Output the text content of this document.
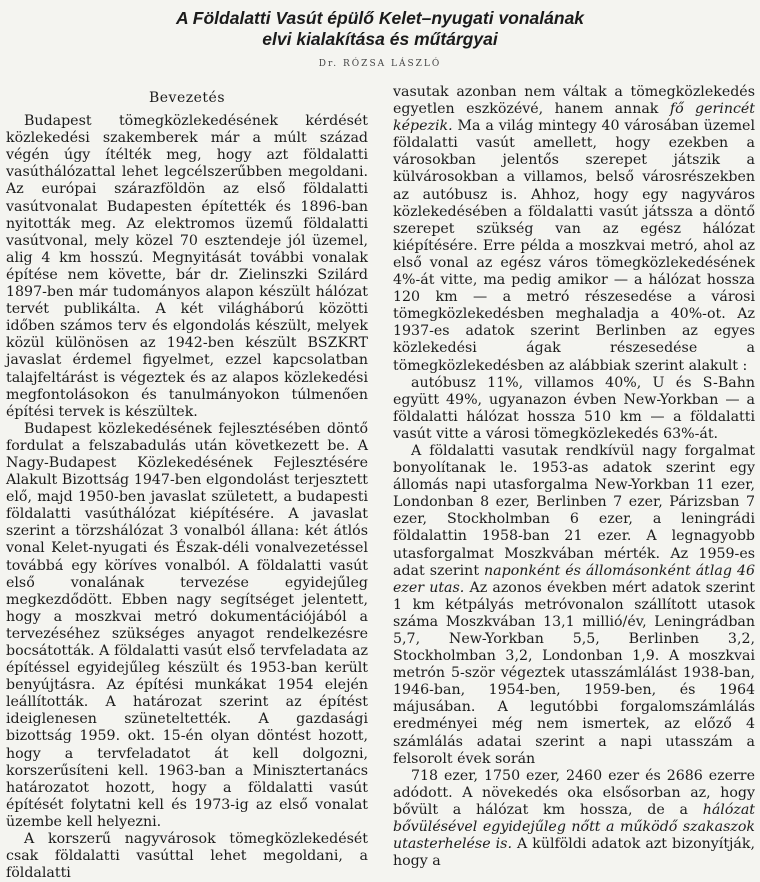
A Földalatti Vasút épülő Kelet–nyugati vonalának
elvi kialakítása és műtárgyai
Dr. RÓZSA LÁSZLÓ
Bevezetés

Budapest tömegközlekedésének kérdését közlekedési szakemberek már a múlt század végén úgy ítélték meg, hogy azt földalatti vasúthálózattal lehet legcélszerűbben megoldani. Az európai szárazföldön az első földalatti vasútvonalat Budapesten építették és 1896-ban nyitották meg. Az elektromos üzemű földalatti vasútvonal, mely közel 70 esztendeje jól üzemel, alig 4 km hosszú. Megnyitását további vonalak építése nem követte, bár dr. Zielinszki Szilárd 1897-ben már tudományos alapon készült hálózat tervét publikálta. A két világháború közötti időben számos terv és elgondolás készült, melyek közül különösen az 1942-ben készült BSZKRT javaslat érdemel figyelmet, ezzel kapcsolatban talajfeltárást is végeztek és az alapos közlekedési megfontolásokon és tanulmányokon túlmenően építési tervek is készültek.

Budapest közlekedésének fejlesztésében döntő fordulat a felszabadulás után következett be. A Nagy-Budapest Közlekedésének Fejlesztésére Alakult Bizottság 1947-ben elgondolást terjesztett elő, majd 1950-ben javaslat született, a budapesti földalatti vasúthálózat kiépítésére. A javaslat szerint a törzshálózat 3 vonalból állana: két átlós vonal Kelet-nyugati és Észak-déli vonalvezetéssel továbbá egy köríves vonalból. A földalatti vasút első vonalának tervezése egyidejűleg megkezdődött. Ebben nagy segítséget jelentett, hogy a moszkvai metró dokumentációjából a tervezéséhez szükséges anyagot rendelkezésre bocsátották. A földalatti vasút első tervfeladata az építéssel egyidejűleg készült és 1953-ban került benyújtásra. Az építési munkákat 1954 elején leállították. A határozat szerint az építést ideiglenesen szüneteltették. A gazdasági bizottság 1959. okt. 15-én olyan döntést hozott, hogy a tervfeladatot át kell dolgozni, korszerűsíteni kell. 1963-ban a Minisztertanács határozatot hozott, hogy a földalatti vasút építését folytatni kell és 1973-ig az első vonalat üzembe kell helyezni.

A korszerű nagyvárosok tömegközlekedését csak földalatti vasúttal lehet megoldani, a földalatti

vasutak azonban nem váltak a tömegközlekedés egyetlen eszközévé, hanem annak fő gerincét képezik. Ma a világ mintegy 40 városában üzemel földalatti vasút amellett, hogy ezekben a városokban jelentős szerepet játszik a külvárosokban a villamos, belső városrészekben az autóbusz is. Ahhoz, hogy egy nagyváros közlekedésében a földalatti vasút játssza a döntő szerepet szükség van az egész hálózat kiépítésére. Erre példa a moszkvai metró, ahol az első vonal az egész város tömegközlekedésének 4%-át vitte, ma pedig amikor — a hálózat hossza 120 km — a metró részesedése a városi tömegközlekedésben meghaladja a 40%-ot. Az 1937-es adatok szerint Berlinben az egyes közlekedési ágak részesedése a tömegközlekedésben az alábbiak szerint alakult :

autóbusz 11%, villamos 40%, U és S-Bahn együtt 49%, ugyanazon évben New-Yorkban — a földalatti hálózat hossza 510 km — a földalatti vasút vitte a városi tömegközlekedés 63%-át.

A földalatti vasutak rendkívül nagy forgalmat bonyolítanak le. 1953-as adatok szerint egy állomás napi utasforgalma New-Yorkban 11 ezer, Londonban 8 ezer, Berlinben 7 ezer, Párizsban 7 ezer, Stockholmban 6 ezer, a leningrádi földalattin 1958-ban 21 ezer. A legnagyobb utasforgalmat Moszkvában mérték. Az 1959-es adat szerint naponként és állomásonként átlag 46 ezer utas. Az azonos években mért adatok szerint 1 km kétpályás metróvonalon szállított utasok száma Moszkvában 13,1 millió/év, Leningrádban 5,7, New-Yorkban 5,5, Berlinben 3,2, Stockholmban 3,2, Londonban 1,9. A moszkvai metrón 5-ször végeztek utasszámlálást 1938-ban, 1946-ban, 1954-ben, 1959-ben, és 1964 májusában. A legutóbbi forgalomszámlálás eredményei még nem ismertek, az előző 4 számlálás adatai szerint a napi utasszám a felsorolt évek során

718 ezer, 1750 ezer, 2460 ezer és 2686 ezerre adódott. A növekedés oka elsősorban az, hogy bővült a hálózat km hossza, de a hálózat bővülésével egyidejűleg nőtt a működő szakaszok utasterhelése is. A külföldi adatok azt bizonyítják, hogy a
